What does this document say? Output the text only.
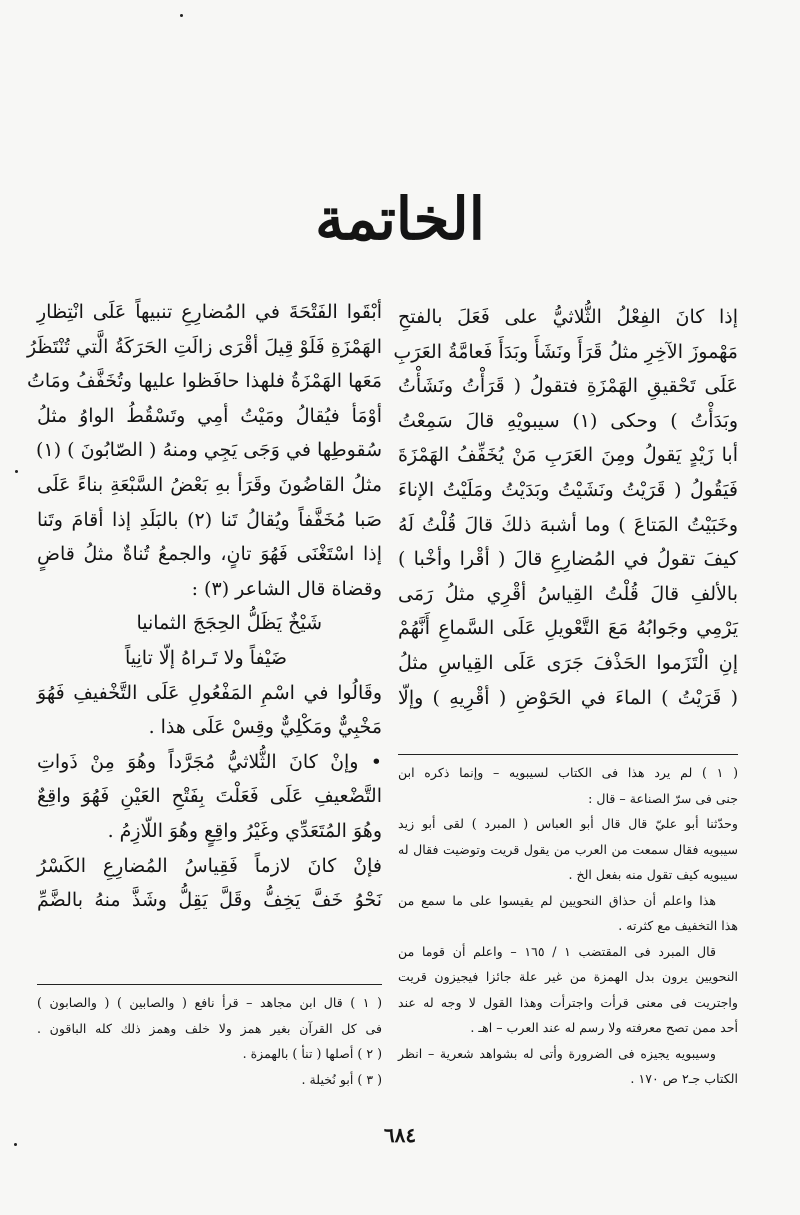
الخاتمة
إذا كانَ الفِعْلُ الثُّلاثيُّ على فَعَلَ بالفتحِ
مَهْموزَ الآخِرِ مثلُ قَرَأَ ونَشَأَ وبَدَأَ فَعامَّةُ العَرَبِ
عَلَى تَحْقيقِ الهَمْزَةِ فتقولُ ( قَرَأْتُ ونَشَأْتُ
وبَدَأْتُ ) وحكى (١) سيبويْهِ قالَ سَمِعْتُ
أبا زَيْدٍ يَقولُ ومِنَ العَرَبِ مَنْ يُخَفِّفُ الهَمْزَةَ
فَيَقُولُ ( قَرَيْتُ ونَشَيْتُ وبَدَيْتُ ومَلَيْتُ الإناءَ
وخَبَيْتُ المَتاعَ ) وما أشبهَ ذلكَ قالَ قُلْتُ لَهُ
كيفَ تقولُ في المُضارِعِ قالَ ( أقْرا وأخْبا )
بالألفِ قالَ قُلْتُ القِياسُ أقْرِي مثلُ رَمَى
يَرْمِي وجَوابُهُ مَعَ التَّعْويلِ عَلَى السَّماعِ أَنَّهُمْ
إنِ الْتَزَموا الحَذْفَ جَرَى عَلَى القِياسِ مثلُ
( قَرَيْتُ ) الماءَ في الحَوْضِ ( أقْرِيهِ ) وإلّا
أبْقَوا الفَتْحَةَ في المُضارِعِ تنبيهاً عَلَى انْتِظارِ
الهَمْزَةِ فَلَوْ قِيلَ أقْرَى زالَتِ الحَرَكَةُ الَّتي تُنْتَظَرُ
مَعَها الهَمْزَةُ فلهذا حافَظوا عليها وتُخَفَّفُ ومَاتُ
أوْمَأ فيُقالُ ومَيْتُ أمِي وتَسْقُطُ الواوُ مثلُ
سُقوطِها في وَجَى يَجِي ومنهُ ( الصّابُونَ ) (١)
مثلُ القاضُونَ وقَرَأ بهِ بَعْضُ السَّبْعَةِ بناءً عَلَى
صَبا مُخَفَّفاً ويُقالُ تَنا (٢) بالبَلَدِ إذا أقامَ وتَنا
إذا اسْتَغْنَى فَهُوَ تانٍ، والجمعُ تُناةٌ مثلُ قاضٍ
وقضاة قال الشاعر (٣) :
شَيْخٌ يَظَلُّ الحِجَجَ الثمانيا
ضَيْفاً ولا تَـراهُ إلّا تانِياً
وقَالُوا في اسْمِ المَفْعُولِ عَلَى التَّخْفيفِ فَهُوَ
مَخْبِيٌّ ومَكْلِيٌّ وقِسْ عَلَى هذا .
• وإنْ كانَ الثُّلاثيُّ مُجَرَّداً وهُوَ مِنْ ذَواتِ
التَّضْعيفِ عَلَى فَعَلْتَ بِفَتْحِ العَيْنِ فَهُوَ واقِعٌ
وهُوَ المُتَعَدِّي وغَيْرُ واقِعٍ وهُوَ اللّازِمُ .
فإنْ كانَ لازماً فَقِياسُ المُضارِعِ الكَسْرُ
نَحْوُ خَفَّ يَخِفُّ وقَلَّ يَقِلُّ وشَذَّ منهُ بالضَّمِّ
( ١ ) لم يرد هذا فى الكتاب لسيبويه – وإنما ذكره ابن
جنى فى سرّ الصناعة – قال :
وحدّثنا أبو عليّ قال قال أبو العباس ( المبرد ) لقى أبو زيد
سيبويه فقال سمعت من العرب من يقول قريت وتوضيت فقال له
سيبويه كيف تقول منه بفعل الخ .
هذا واعلم أن حذاق النحويين لم يقيسوا على ما سمع من
هذا التخفيف مع كثرته .
قال المبرد فى المقتضب ١ / ١٦٥ – واعلم أن قوما من
النحويين يرون بدل الهمزة من غير علة جائزا فيجيزون قريت
واجتريت فى معنى قرأت واجترأت وهذا القول لا وجه له عند
أحد ممن تصح معرفته ولا رسم له عند العرب – اهـ .
وسيبويه يجيزه فى الضرورة وأتى له بشواهد شعرية – انظر
الكتاب جـ٢ ص ١٧٠ .
( ١ ) قال ابن مجاهد – قرأ نافع ( والصابين ) ( والصابون )
فى كل القرآن بغير همز ولا خلف وهمز ذلك كله الباقون .
( ٢ ) أصلها ( تنأ ) بالهمزة .
( ٣ ) أبو نُخيلة .
٦٨٤
